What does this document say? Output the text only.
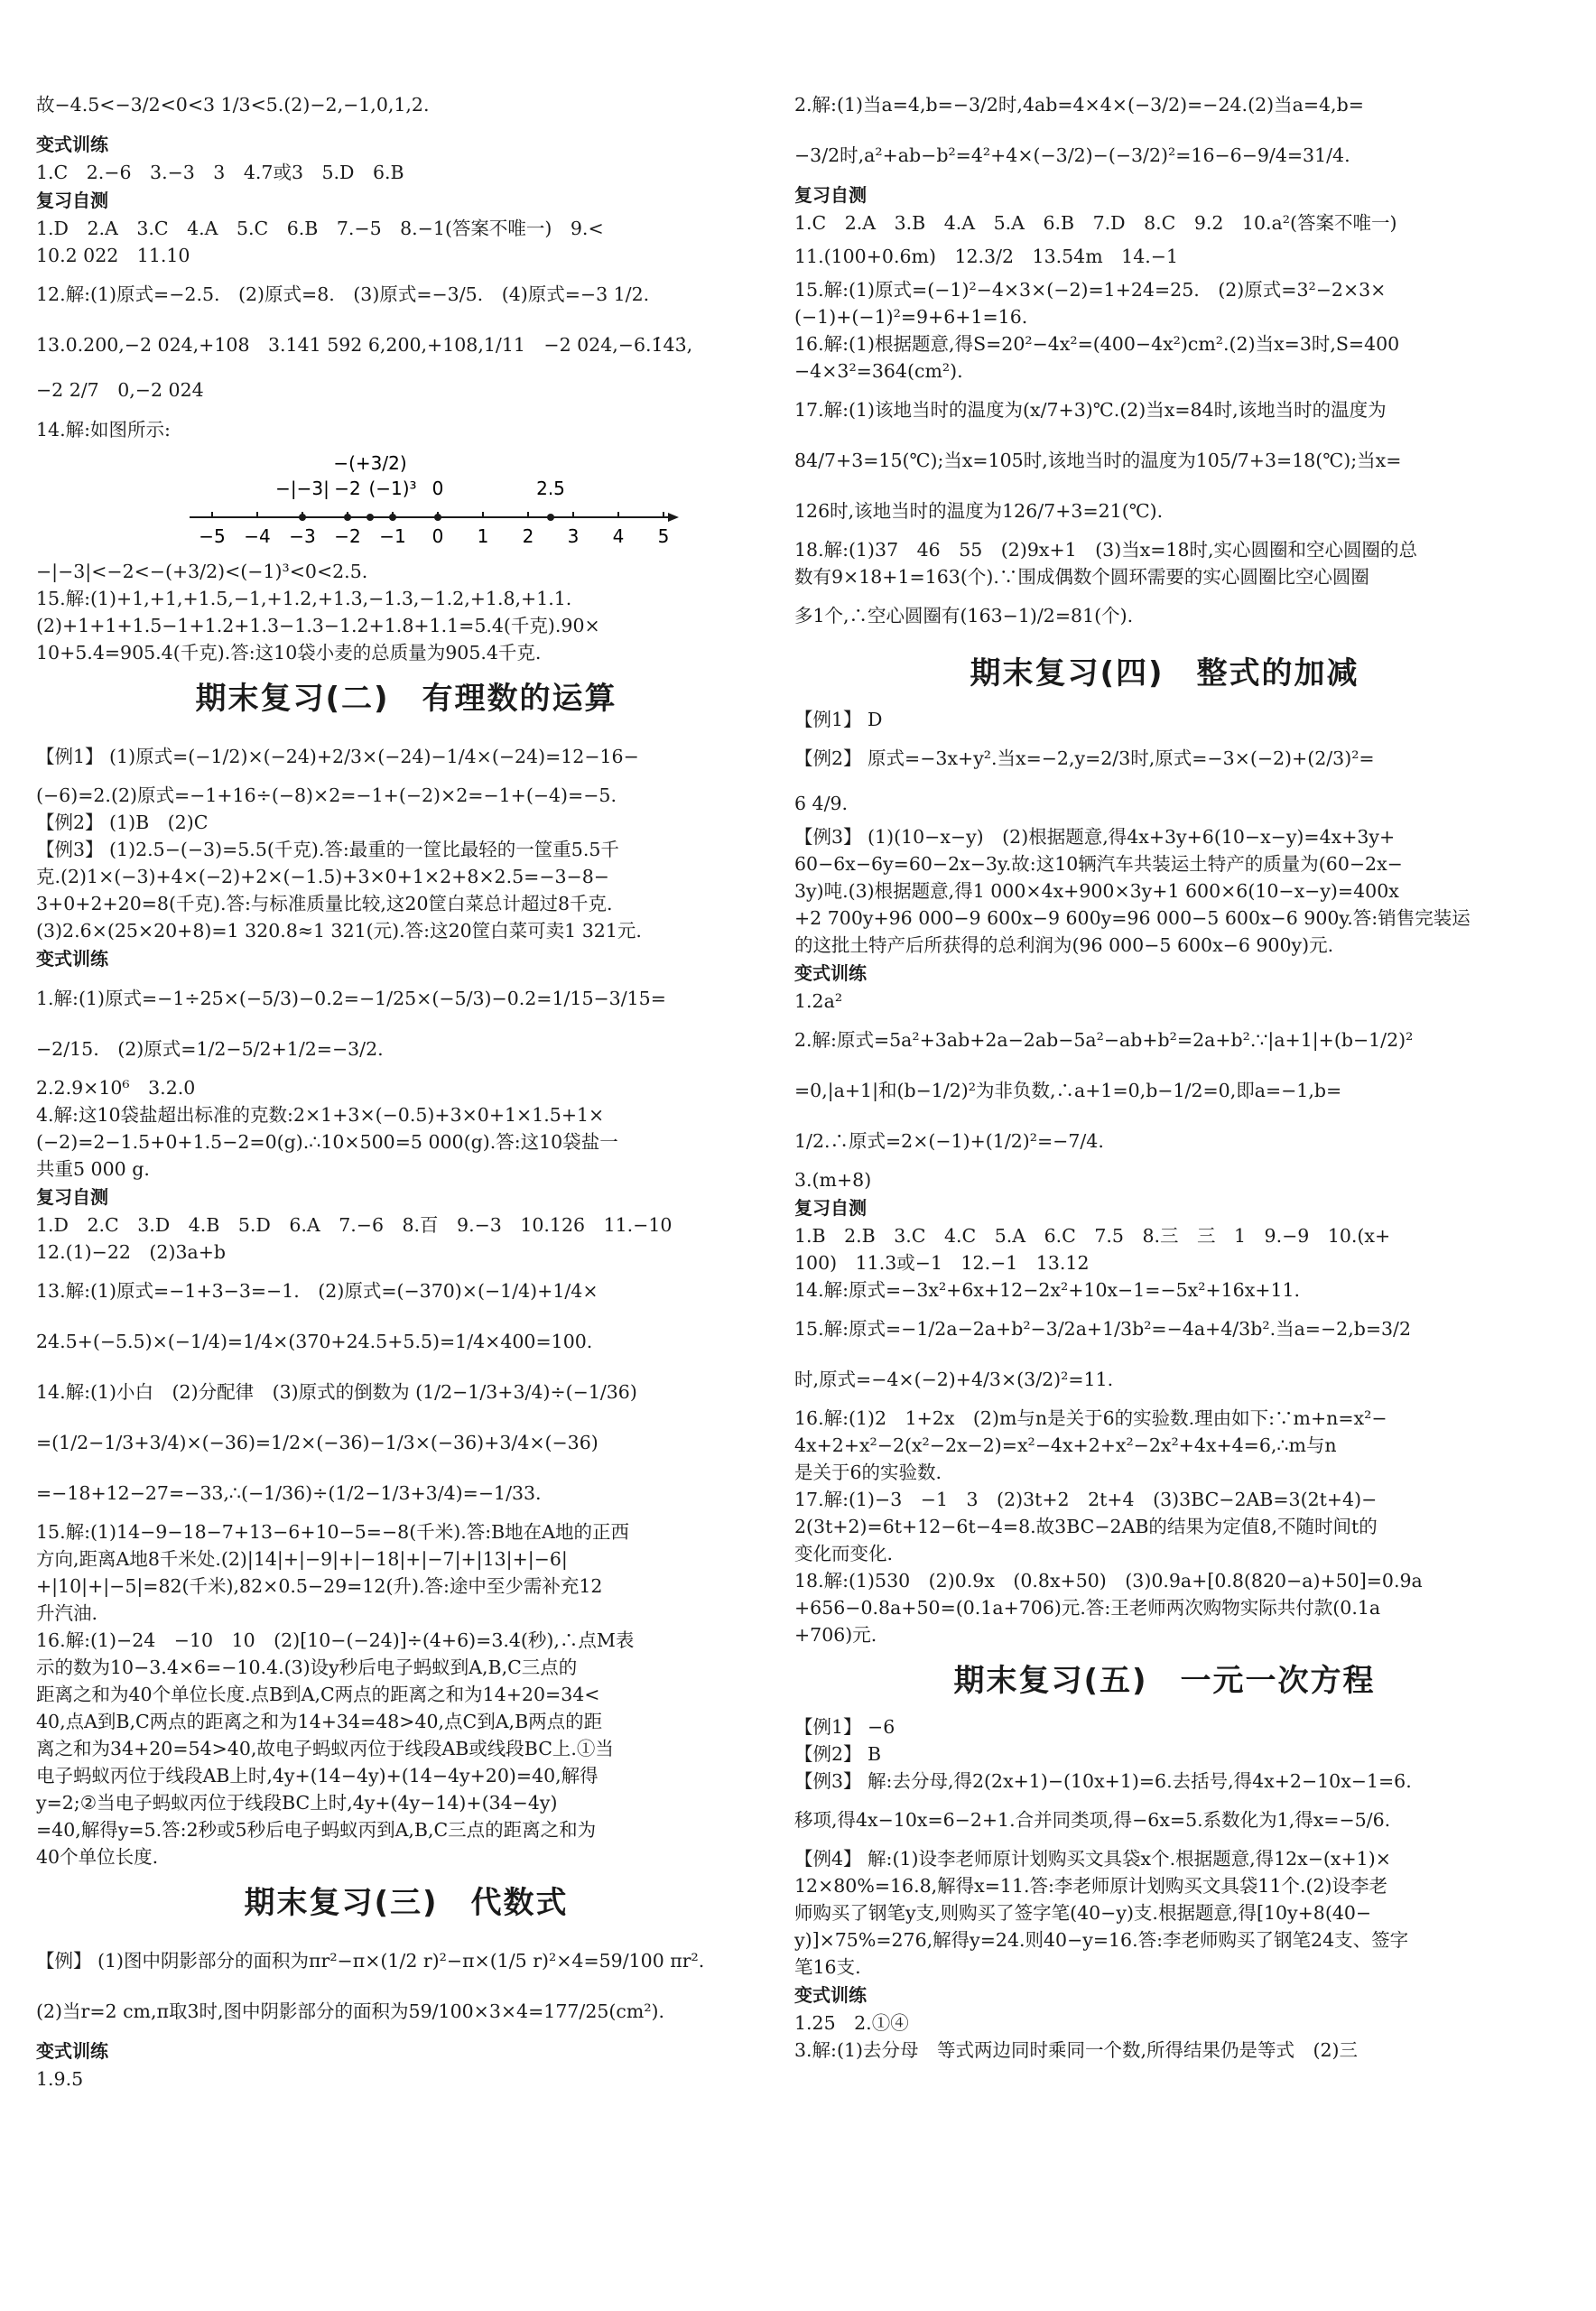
故−4.5<−3/2<0<3 1/3<5.(2)−2,−1,0,1,2.
变式训练
1.C　2.−6　3.−3　3　4.7或3　5.D　6.B
复习自测
1.D　2.A　3.C　4.A　5.C　6.B　7.−5　8.−1(答案不唯一)　9.<
10.2 022　11.10
12.解:(1)原式=−2.5.　(2)原式=8.　(3)原式=−3/5.　(4)原式=−3 1/2.
13.0.200,−2 024,+108　3.141 592 6,200,+108,1/11　−2 024,−6.1̇43̇,
−2 2/7　0,−2 024
14.解:如图所示:
−5 −4 −3 −2 −1 0 1 2 3 4 5
−(+3/2)
−|−3| −2 (−1)³ 0	2.5
−|−3|<−2<−(+3/2)<(−1)³<0<2.5.
15.解:(1)+1,+1,+1.5,−1,+1.2,+1.3,−1.3,−1.2,+1.8,+1.1.
(2)+1+1+1.5−1+1.2+1.3−1.3−1.2+1.8+1.1=5.4(千克).90×
10+5.4=905.4(千克).答:这10袋小麦的总质量为905.4千克.
期末复习(二)　有理数的运算
【例1】 (1)原式=(−1/2)×(−24)+2/3×(−24)−1/4×(−24)=12−16−
(−6)=2.(2)原式=−1+16÷(−8)×2=−1+(−2)×2=−1+(−4)=−5.
【例2】 (1)B　(2)C
【例3】 (1)2.5−(−3)=5.5(千克).答:最重的一筐比最轻的一筐重5.5千
克.(2)1×(−3)+4×(−2)+2×(−1.5)+3×0+1×2+8×2.5=−3−8−
3+0+2+20=8(千克).答:与标准质量比较,这20筐白菜总计超过8千克.
(3)2.6×(25×20+8)=1 320.8≈1 321(元).答:这20筐白菜可卖1 321元.
变式训练
1.解:(1)原式=−1÷25×(−5/3)−0.2=−1/25×(−5/3)−0.2=1/15−3/15=
−2/15.　(2)原式=1/2−5/2+1/2=−3/2.
2.2.9×10⁶　3.2.0
4.解:这10袋盐超出标准的克数:2×1+3×(−0.5)+3×0+1×1.5+1×
(−2)=2−1.5+0+1.5−2=0(g).∴10×500=5 000(g).答:这10袋盐一
共重5 000 g.
复习自测
1.D　2.C　3.D　4.B　5.D　6.A　7.−6　8.百　9.−3　10.126　11.−10
12.(1)−22　(2)3a+b
13.解:(1)原式=−1+3−3=−1.　(2)原式=(−370)×(−1/4)+1/4×
24.5+(−5.5)×(−1/4)=1/4×(370+24.5+5.5)=1/4×400=100.
14.解:(1)小白　(2)分配律　(3)原式的倒数为 (1/2−1/3+3/4)÷(−1/36)
=(1/2−1/3+3/4)×(−36)=1/2×(−36)−1/3×(−36)+3/4×(−36)
=−18+12−27=−33,∴(−1/36)÷(1/2−1/3+3/4)=−1/33.
15.解:(1)14−9−18−7+13−6+10−5=−8(千米).答:B地在A地的正西
方向,距离A地8千米处.(2)|14|+|−9|+|−18|+|−7|+|13|+|−6|
+|10|+|−5|=82(千米),82×0.5−29=12(升).答:途中至少需补充12
升汽油.
16.解:(1)−24　−10　10　(2)[10−(−24)]÷(4+6)=3.4(秒),∴点M表
示的数为10−3.4×6=−10.4.(3)设y秒后电子蚂蚁到A,B,C三点的
距离之和为40个单位长度.点B到A,C两点的距离之和为14+20=34<
40,点A到B,C两点的距离之和为14+34=48>40,点C到A,B两点的距
离之和为34+20=54>40,故电子蚂蚁丙位于线段AB或线段BC上.①当
电子蚂蚁丙位于线段AB上时,4y+(14−4y)+(14−4y+20)=40,解得
y=2;②当电子蚂蚁丙位于线段BC上时,4y+(4y−14)+(34−4y)
=40,解得y=5.答:2秒或5秒后电子蚂蚁丙到A,B,C三点的距离之和为
40个单位长度.
期末复习(三)　代数式
【例】 (1)图中阴影部分的面积为πr²−π×(1/2 r)²−π×(1/5 r)²×4=59/100 πr².
(2)当r=2 cm,π取3时,图中阴影部分的面积为59/100×3×4=177/25(cm²).
变式训练
1.9.5
2.解:(1)当a=4,b=−3/2时,4ab=4×4×(−3/2)=−24.(2)当a=4,b=
−3/2时,a²+ab−b²=4²+4×(−3/2)−(−3/2)²=16−6−9/4=31/4.
复习自测
1.C　2.A　3.B　4.A　5.A　6.B　7.D　8.C　9.2　10.a²(答案不唯一)
11.(100+0.6m)　12.3/2　13.54m　14.−1
15.解:(1)原式=(−1)²−4×3×(−2)=1+24=25.　(2)原式=3²−2×3×
(−1)+(−1)²=9+6+1=16.
16.解:(1)根据题意,得S=20²−4x²=(400−4x²)cm².(2)当x=3时,S=400
−4×3²=364(cm²).
17.解:(1)该地当时的温度为(x/7+3)℃.(2)当x=84时,该地当时的温度为
84/7+3=15(℃);当x=105时,该地当时的温度为105/7+3=18(℃);当x=
126时,该地当时的温度为126/7+3=21(℃).
18.解:(1)37　46　55　(2)9x+1　(3)当x=18时,实心圆圈和空心圆圈的总
数有9×18+1=163(个).∵围成偶数个圆环需要的实心圆圈比空心圆圈
多1个,∴空心圆圈有(163−1)/2=81(个).
期末复习(四)　整式的加减
【例1】 D
【例2】 原式=−3x+y².当x=−2,y=2/3时,原式=−3×(−2)+(2/3)²=
6 4/9.
【例3】 (1)(10−x−y)　(2)根据题意,得4x+3y+6(10−x−y)=4x+3y+
60−6x−6y=60−2x−3y.故:这10辆汽车共装运土特产的质量为(60−2x−
3y)吨.(3)根据题意,得1 000×4x+900×3y+1 600×6(10−x−y)=400x
+2 700y+96 000−9 600x−9 600y=96 000−5 600x−6 900y.答:销售完装运
的这批土特产后所获得的总利润为(96 000−5 600x−6 900y)元.
变式训练
1.2a²
2.解:原式=5a²+3ab+2a−2ab−5a²−ab+b²=2a+b².∵|a+1|+(b−1/2)²
=0,|a+1|和(b−1/2)²为非负数,∴a+1=0,b−1/2=0,即a=−1,b=
1/2.∴原式=2×(−1)+(1/2)²=−7/4.
3.(m+8)
复习自测
1.B　2.B　3.C　4.C　5.A　6.C　7.5　8.三　三　1　9.−9　10.(x+
100)　11.3或−1　12.−1　13.12
14.解:原式=−3x²+6x+12−2x²+10x−1=−5x²+16x+11.
15.解:原式=−1/2a−2a+b²−3/2a+1/3b²=−4a+4/3b².当a=−2,b=3/2
时,原式=−4×(−2)+4/3×(3/2)²=11.
16.解:(1)2　1+2x　(2)m与n是关于6的实验数.理由如下:∵m+n=x²−
4x+2+x²−2(x²−2x−2)=x²−4x+2+x²−2x²+4x+4=6,∴m与n
是关于6的实验数.
17.解:(1)−3　−1　3　(2)3t+2　2t+4　(3)3BC−2AB=3(2t+4)−
2(3t+2)=6t+12−6t−4=8.故3BC−2AB的结果为定值8,不随时间t的
变化而变化.
18.解:(1)530　(2)0.9x　(0.8x+50)　(3)0.9a+[0.8(820−a)+50]=0.9a
+656−0.8a+50=(0.1a+706)元.答:王老师两次购物实际共付款(0.1a
+706)元.
期末复习(五)　一元一次方程
【例1】 −6
【例2】 B
【例3】 解:去分母,得2(2x+1)−(10x+1)=6.去括号,得4x+2−10x−1=6.
移项,得4x−10x=6−2+1.合并同类项,得−6x=5.系数化为1,得x=−5/6.
【例4】 解:(1)设李老师原计划购买文具袋x个.根据题意,得12x−(x+1)×
12×80%=16.8,解得x=11.答:李老师原计划购买文具袋11个.(2)设李老
师购买了钢笔y支,则购买了签字笔(40−y)支.根据题意,得[10y+8(40−
y)]×75%=276,解得y=24.则40−y=16.答:李老师购买了钢笔24支、签字
笔16支.
变式训练
1.25　2.①④
3.解:(1)去分母　等式两边同时乘同一个数,所得结果仍是等式　(2)三
